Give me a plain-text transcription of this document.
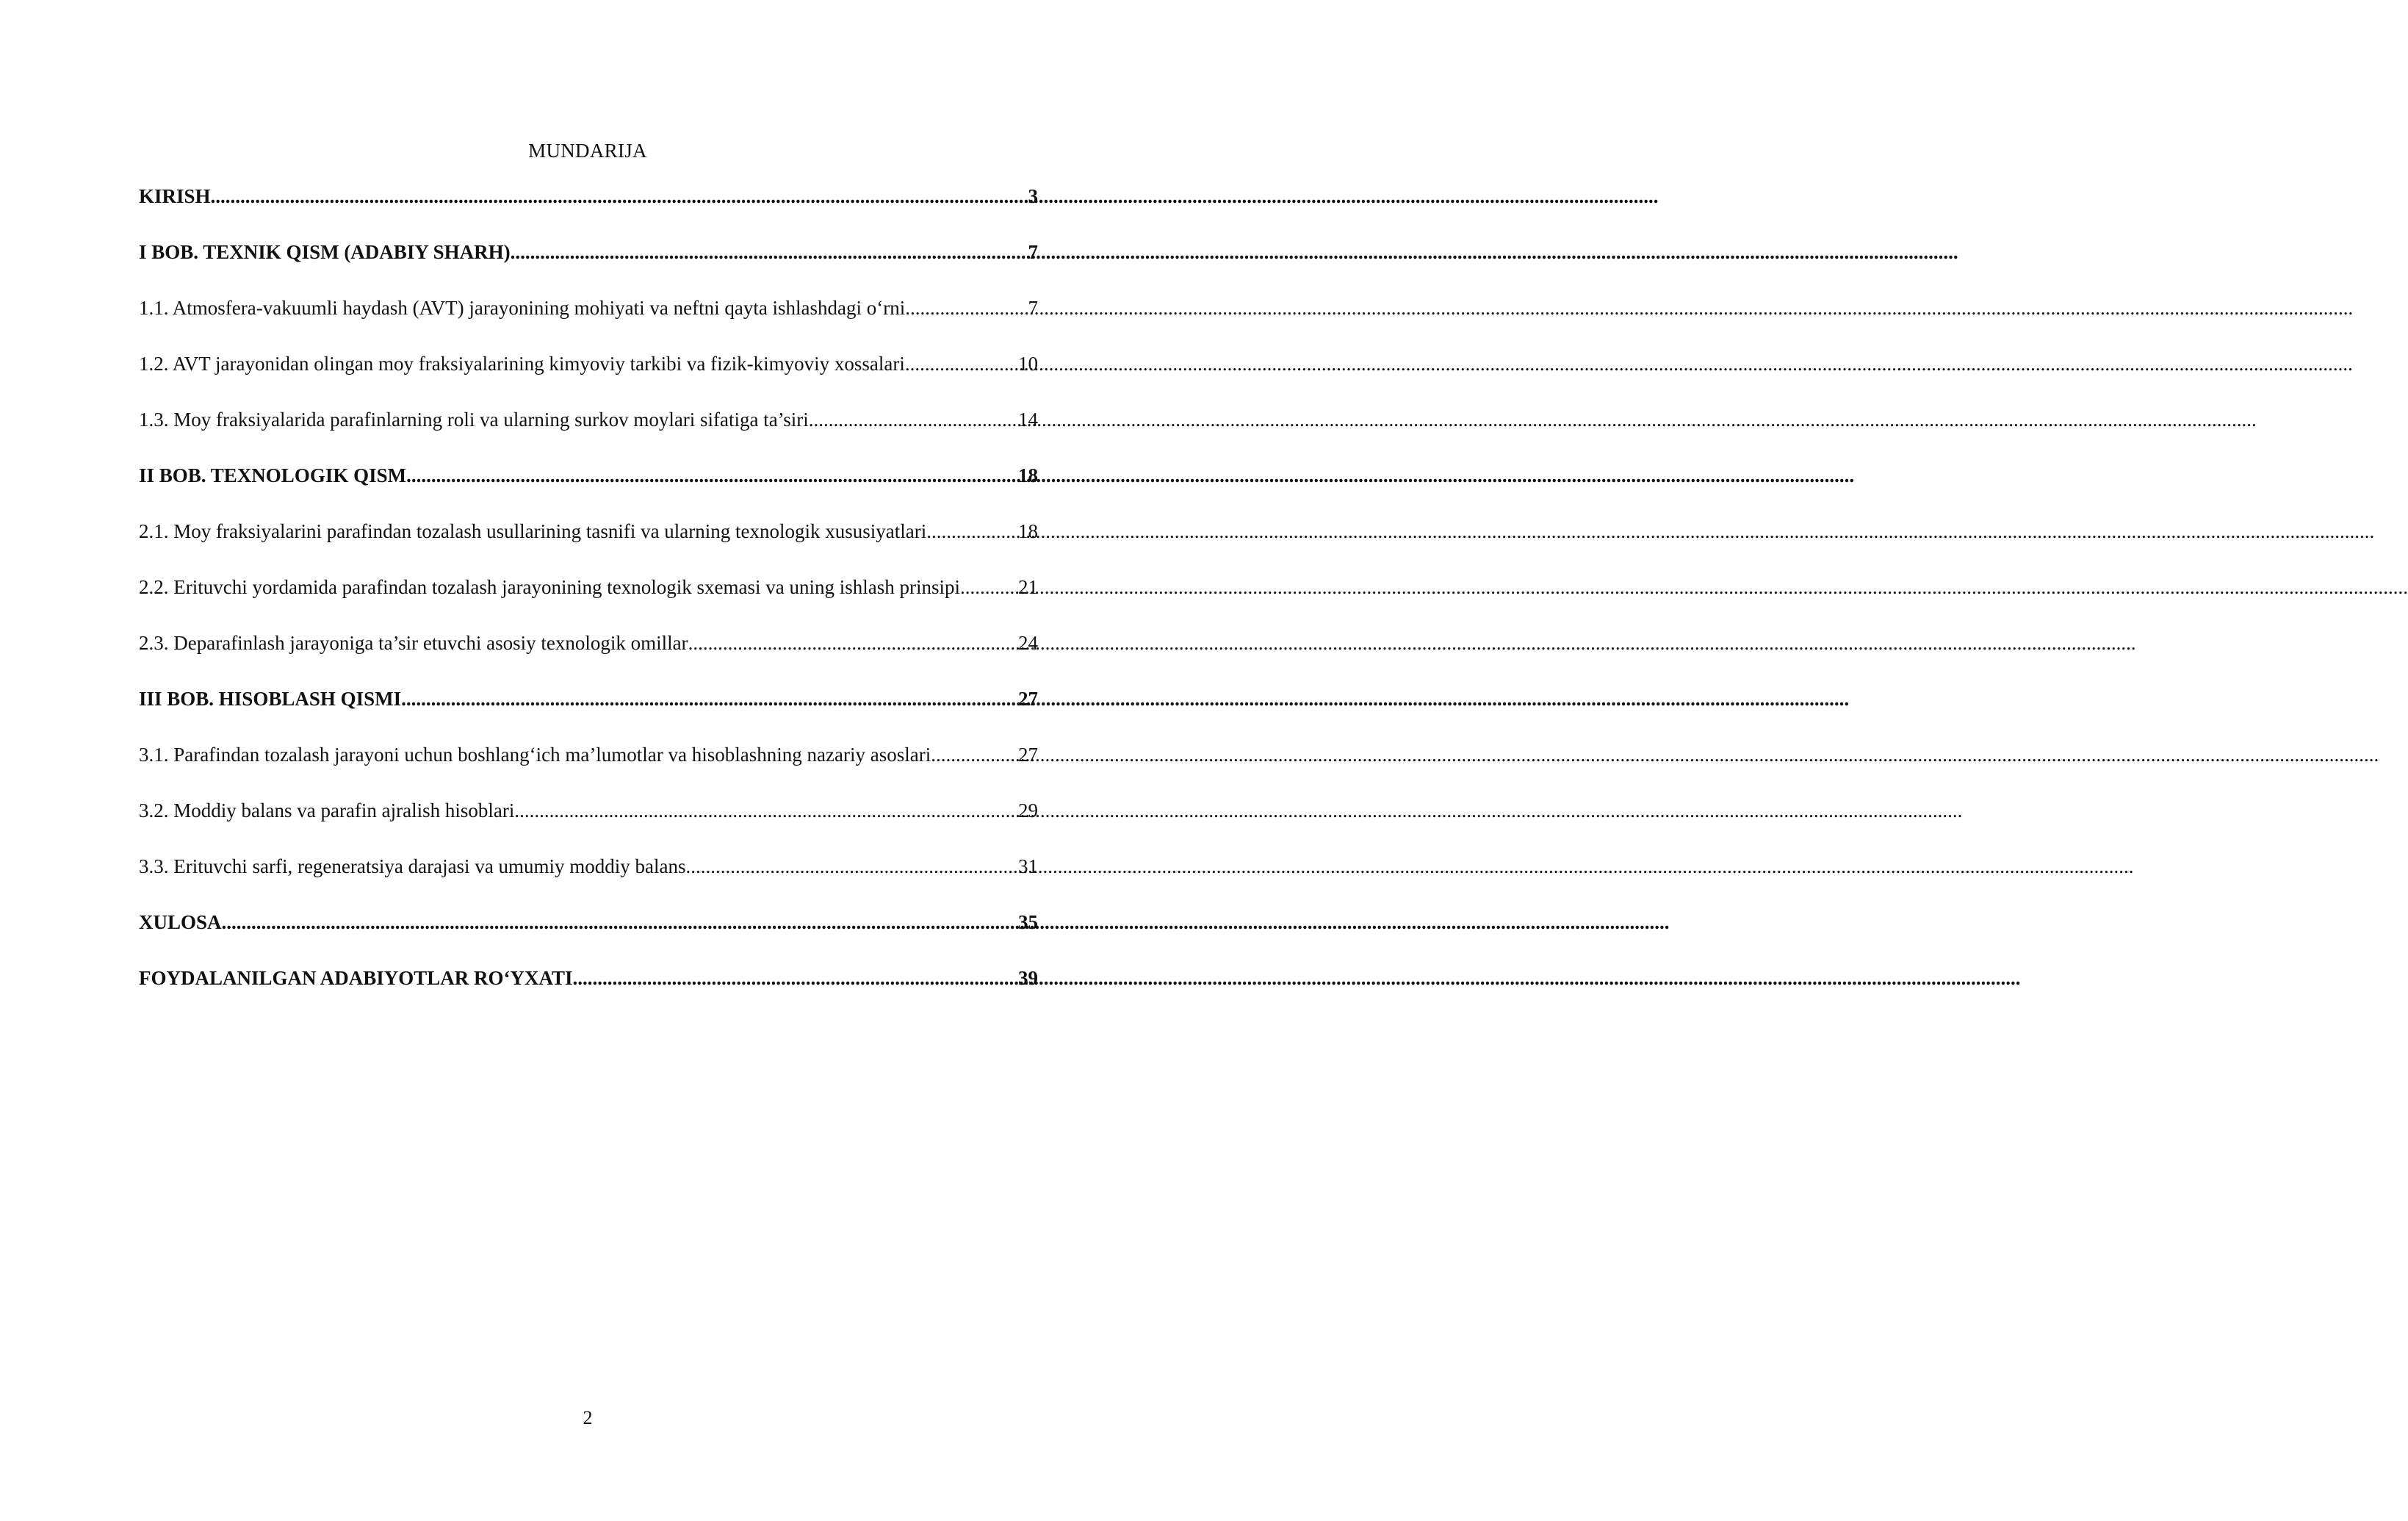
MUNDARIJA
KIRISH .....	3
I BOB. TEXNIK QISM (ADABIY SHARH) .....	7
1.1. Atmosfera-vakuumli haydash (AVT) jarayonining mohiyati va neftni qayta ishlashdagi o‘rni .....	7
1.2. AVT jarayonidan olingan moy fraksiyalarining kimyoviy tarkibi va fizik-kimyoviy xossalari .....	10
1.3. Moy fraksiyalarida parafinlarning roli va ularning surkov moylari sifatiga ta’siri .....	14
II BOB. TEXNOLOGIK QISM .....	18
2.1. Moy fraksiyalarini parafindan tozalash usullarining tasnifi va ularning texnologik xususiyatlari .....	18
2.2. Erituvchi yordamida parafindan tozalash jarayonining texnologik sxemasi va uning ishlash prinsipi .....	21
2.3. Deparafinlash jarayoniga ta’sir etuvchi asosiy texnologik omillar .....	24
III BOB. HISOBLASH QISMI .....	27
3.1. Parafindan tozalash jarayoni uchun boshlang‘ich ma’lumotlar va hisoblashning nazariy asoslari .....	27
3.2. Moddiy balans va parafin ajralish hisoblari .....	29
3.3. Erituvchi sarfi, regeneratsiya darajasi va umumiy moddiy balans .....	31
XULOSA .....	35
FOYDALANILGAN ADABIYOTLAR RO‘YXATI .....	39
2
